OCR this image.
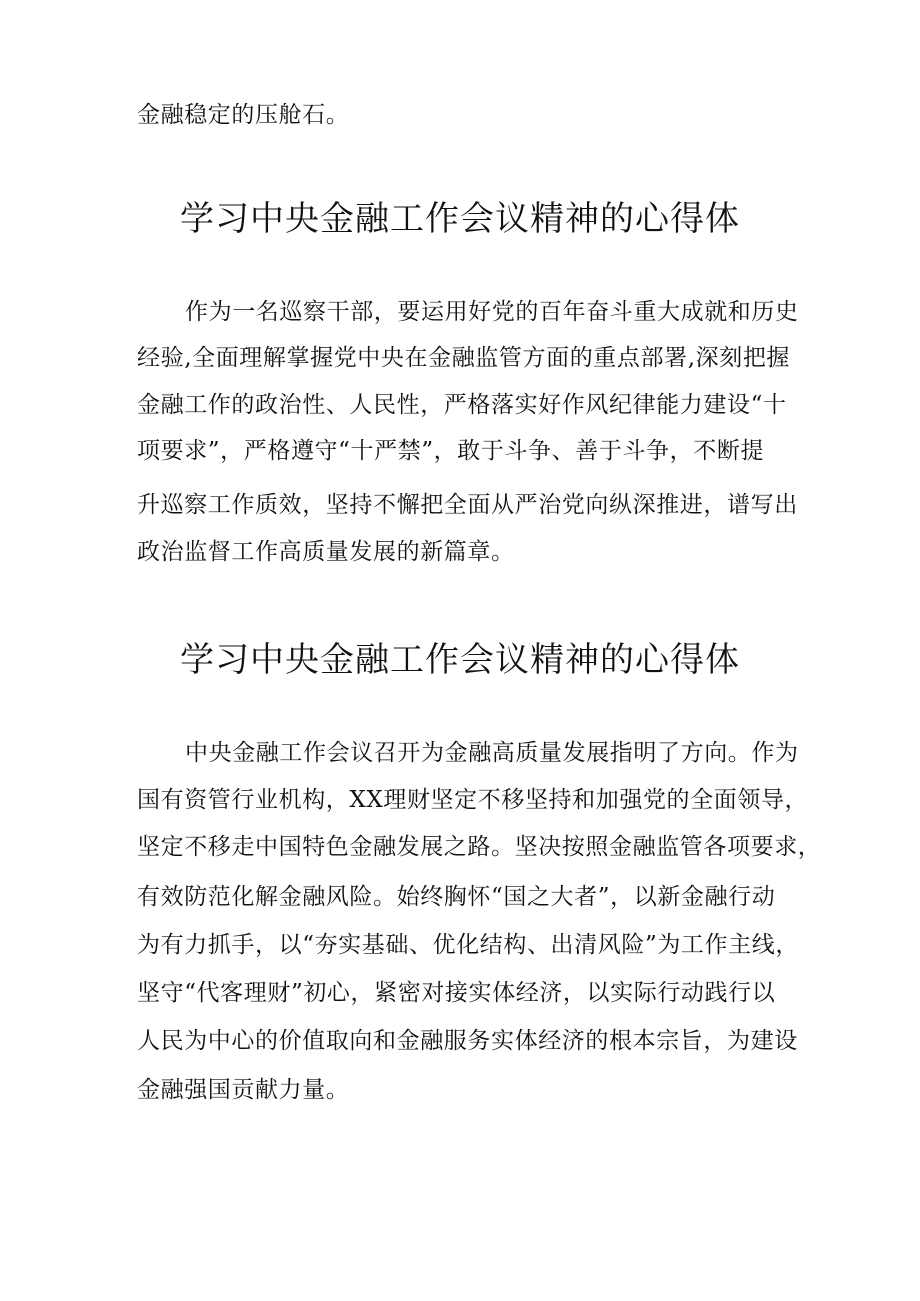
金融稳定的压舱石。
学习中央金融工作会议精神的心得体
作为一名巡察干部，要运用好党的百年奋斗重大成就和历史
经验,全面理解掌握党中央在金融监管方面的重点部署,深刻把握
金融工作的政治性、人民性，严格落实好作风纪律能力建设“十
项要求”，严格遵守“十严禁”，敢于斗争、善于斗争，不断提
升巡察工作质效，坚持不懈把全面从严治党向纵深推进，谱写出
政治监督工作高质量发展的新篇章。
学习中央金融工作会议精神的心得体
中央金融工作会议召开为金融高质量发展指明了方向。作为
国有资管行业机构，XX理财坚定不移坚持和加强党的全面领导，
坚定不移走中国特色金融发展之路。坚决按照金融监管各项要求，
有效防范化解金融风险。始终胸怀“国之大者”，以新金融行动
为有力抓手，以“夯实基础、优化结构、出清风险”为工作主线，
坚守“代客理财”初心，紧密对接实体经济，以实际行动践行以
人民为中心的价值取向和金融服务实体经济的根本宗旨，为建设
金融强国贡献力量。
